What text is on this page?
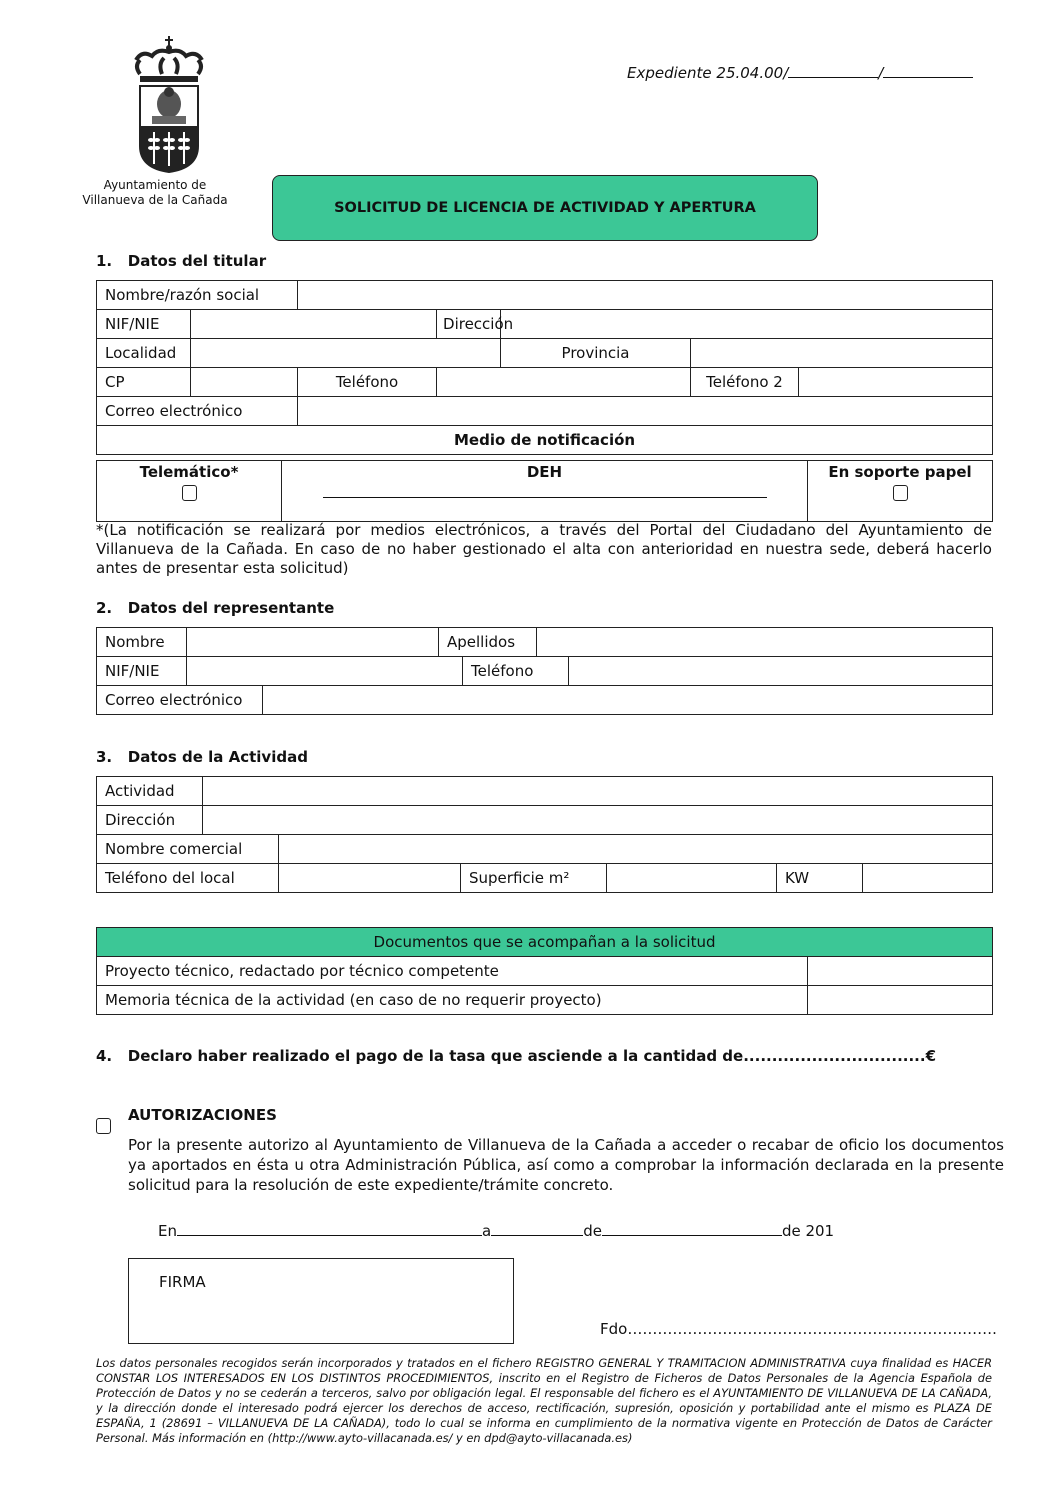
Ayuntamiento de
Villanueva de la Cañada
Expediente 25.04.00/	/
SOLICITUD DE LICENCIA DE ACTIVIDAD Y APERTURA
1.   Datos del titular
Nombre/razón social						
NIF/NIE			Dirección			
Localidad				Provincia		
CP		Teléfono			Teléfono 2	
Correo electrónico						
Medio de notificación						
Telemático*	DEH	En soporte papel
*(La notificación se realizará por medios electrónicos, a través del Portal del Ciudadano del Ayuntamiento de Villanueva de la Cañada. En caso de no haber gestionado el alta con anterioridad en nuestra sede, deberá hacerlo antes de presentar esta solicitud)
2.   Datos del representante
Nombre			Apellidos			
NIF/NIE				Teléfono		
Correo electrónico						
3.   Datos de la Actividad
Actividad						
Dirección						
Nombre comercial						
Teléfono del local			Superficie m²		KW	
Documentos que se acompañan a la solicitud	
Proyecto técnico, redactado por técnico competente	
Memoria técnica de la actividad (en caso de no requerir proyecto)	
4.   Declaro haber realizado el pago de la tasa que asciende a la cantidad de................................€
AUTORIZACIONES
Por la presente autorizo al Ayuntamiento de Villanueva de la Cañada a acceder o recabar de oficio los documentos ya aportados en ésta u otra Administración Pública, así como a comprobar la información declarada en la presente solicitud para la resolución de este expediente/trámite concreto.
En	a	de	de 201
FIRMA
Fdo………………………………………………………….…….
Los datos personales recogidos serán incorporados y tratados en el fichero REGISTRO GENERAL Y TRAMITACION ADMINISTRATIVA cuya finalidad es HACER CONSTAR LOS INTERESADOS EN LOS DISTINTOS PROCEDIMIENTOS, inscrito en el Registro de Ficheros de Datos Personales de la Agencia Española de Protección de Datos y no se cederán a terceros, salvo por obligación legal. El responsable del fichero es el AYUNTAMIENTO DE VILLANUEVA DE LA CAÑADA, y la dirección donde el interesado podrá ejercer los derechos de acceso, rectificación, supresión, oposición y portabilidad ante el mismo es PLAZA DE ESPAÑA, 1 (28691 – VILLANUEVA DE LA CAÑADA), todo lo cual se informa en cumplimiento de la normativa vigente en Protección de Datos de Carácter Personal. Más información en (http://www.ayto-villacanada.es/ y en dpd@ayto-villacanada.es)
